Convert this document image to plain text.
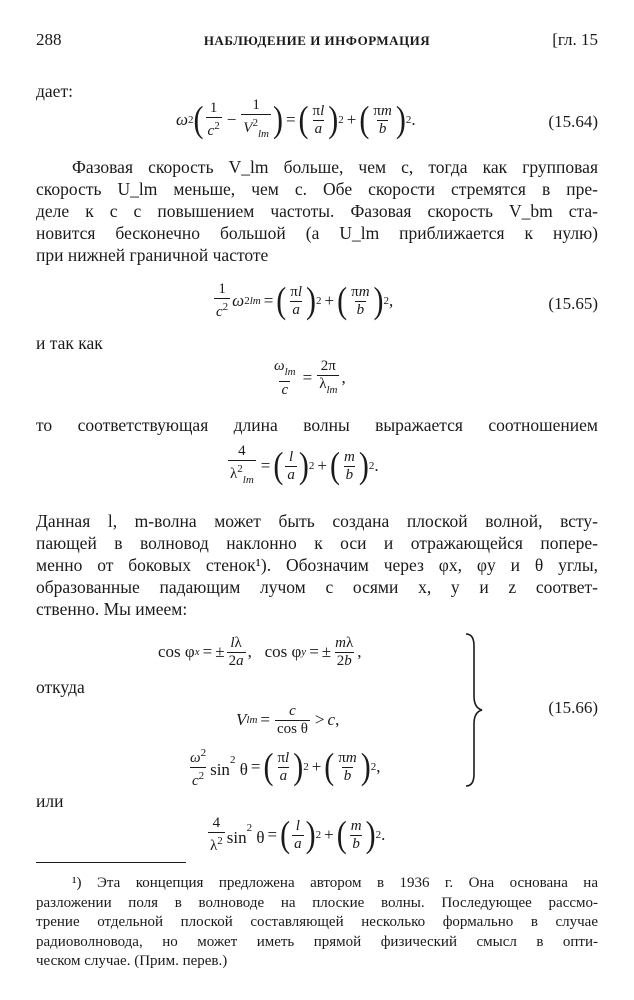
288	НАБЛЮДЕНИЕ И ИНФОРМАЦИЯ	[гл. 15
дает:
ω 2 ( $\frac{1}{c^2} - \frac{1}{V^2_{lm}}$ ) = ( $\frac{\pi l}{a}$ ) 2 + ( $\frac{\pi m}{b}$ ) 2 .	(15.64)
Фазовая скорость V_lm больше, чем c, тогда как групповая
скорость U_lm меньше, чем c. Обе скорости стремятся в пре-
деле к c с повышением частоты. Фазовая скорость V_bm ста-
новится бесконечно большой (а U_lm приближается к нулю)
при нижней граничной частоте
$\frac{1}{c^2}$ ω 2 lm = ( $\frac{\pi l}{a}$ ) 2 + ( $\frac{\pi m}{b}$ ) 2 ,	(15.65)
и так как
$\frac{\omega_{lm}}{c} = \frac{2\pi}{\lambda_{lm}}$ ,
то соответствующая длина волны выражается соотношением
$\frac{4}{\lambda^2_{lm}}$ = ( $\frac{l}{a}$ ) 2 + ( $\frac{m}{b}$ ) 2 .
Данная l, m-волна может быть создана плоской волной, всту-
пающей в волновод наклонно к оси и отражающейся попере-
менно от боковых стенок¹). Обозначим через φx, φy и θ углы,
образованные падающим лучом с осями x, y и z соответ-
ственно. Мы имеем:
cos
φ x = ± $\frac{l\lambda}{2a}$ ,
cos
φ y = ± $\frac{m\lambda}{2b}$ ,
откуда
V lm = $\frac{c}{\text{cos θ}} > c$ ,
$\frac{\omega^2}{c^2} \sin^2 \theta$ = ( $\frac{\pi l}{a}$ ) 2 + ( $\frac{\pi m}{b}$ ) 2 ,
(15.66)
или
$\frac{4}{\lambda^2} \sin^2 \theta$ = ( $\frac{l}{a}$ ) 2 + ( $\frac{m}{b}$ ) 2 .
¹) Эта концепция предложена автором в 1936 г. Она основана на
разложении поля в волноводе на плоские волны. Последующее рассмо-
трение отдельной плоской составляющей несколько формально в случае
радиоволновода, но может иметь прямой физический смысл в опти-
ческом случае. (Прим. перев.)
